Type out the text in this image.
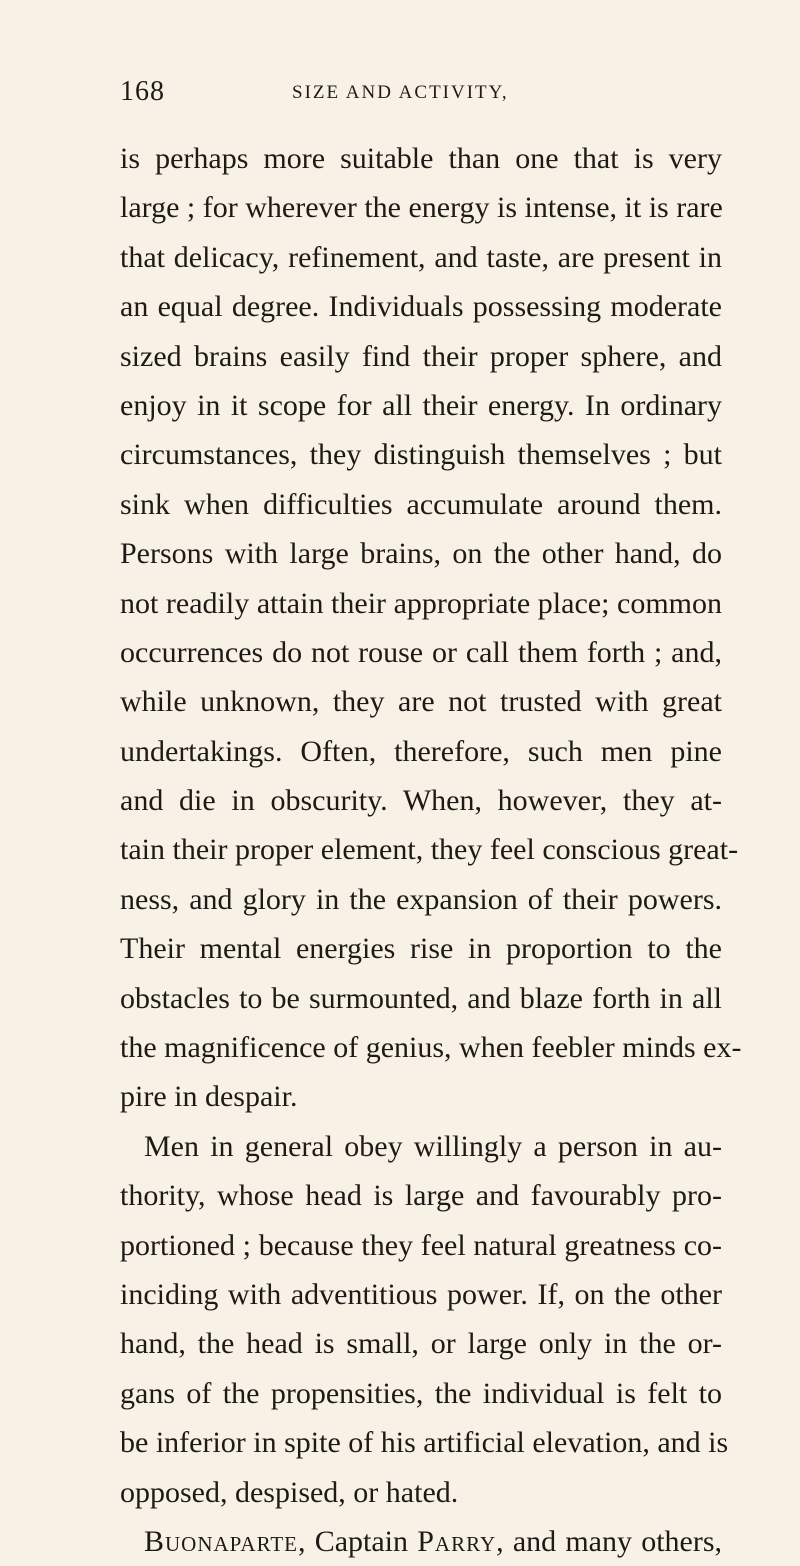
168	SIZE AND ACTIVITY,
is perhaps more suitable than one that is very
large ; for wherever the energy is intense, it is rare
that delicacy, refinement, and taste, are present in
an equal degree. Individuals possessing moderate
sized brains easily find their proper sphere, and
enjoy in it scope for all their energy. In ordinary
circumstances, they distinguish themselves ; but
sink when difficulties accumulate around them.
Persons with large brains, on the other hand, do
not readily attain their appropriate place; common
occurrences do not rouse or call them forth ; and,
while unknown, they are not trusted with great
undertakings. Often, therefore, such men pine
and die in obscurity. When, however, they at-
tain their proper element, they feel conscious great-
ness, and glory in the expansion of their powers.
Their mental energies rise in proportion to the
obstacles to be surmounted, and blaze forth in all
the magnificence of genius, when feebler minds ex-
pire in despair.
Men in general obey willingly a person in au-
thority, whose head is large and favourably pro-
portioned ; because they feel natural greatness co-
inciding with adventitious power. If, on the other
hand, the head is small, or large only in the or-
gans of the propensities, the individual is felt to
be inferior in spite of his artificial elevation, and is
opposed, despised, or hated.
Buonaparte, Captain Parry, and many others,
